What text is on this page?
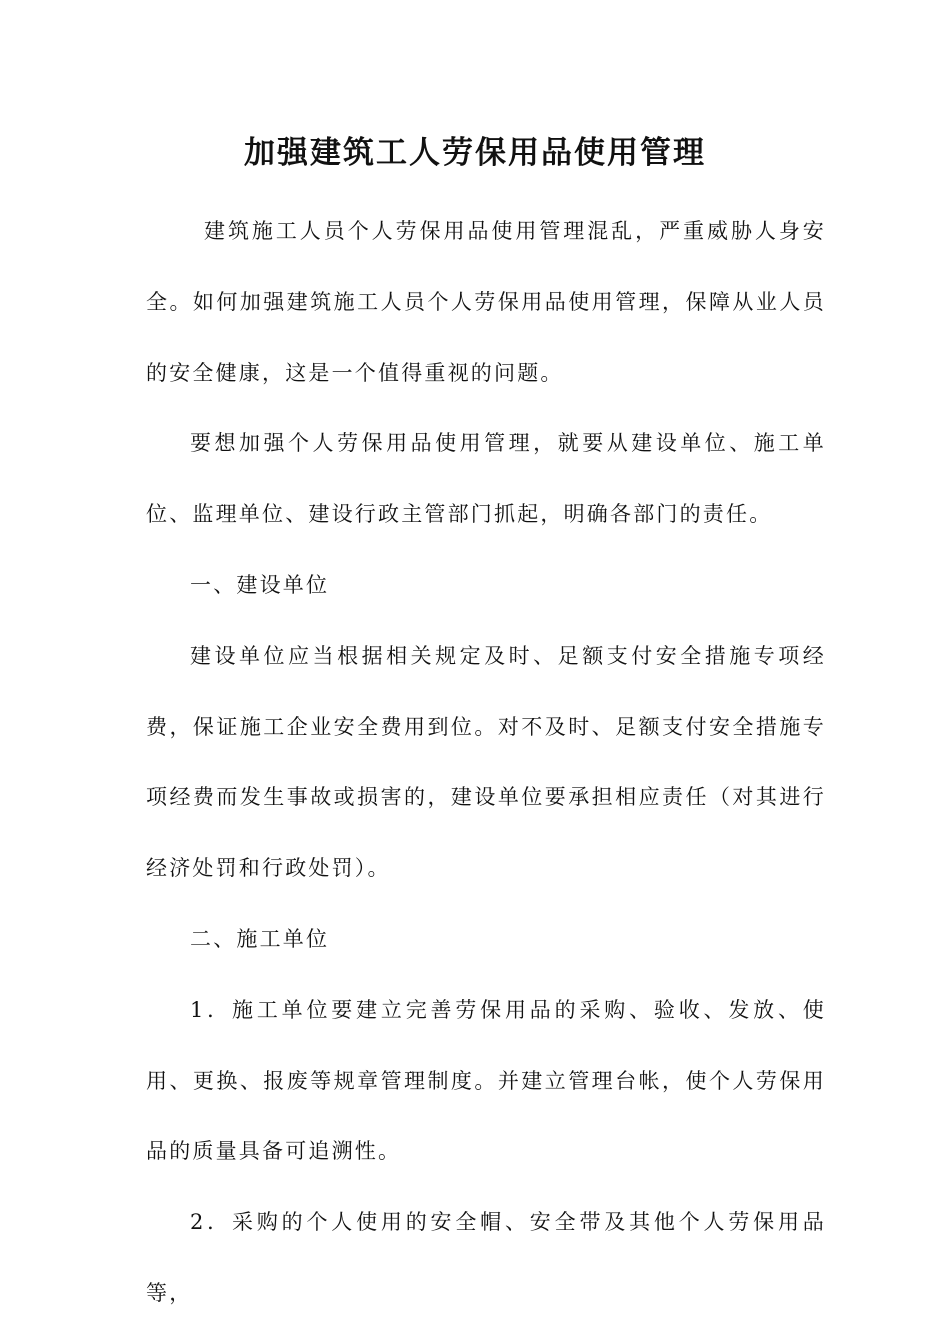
加强建筑工人劳保用品使用管理

建筑施工人员个人劳保用品使用管理混乱，严重威胁人身安全。如何加强建筑施工人员个人劳保用品使用管理，保障从业人员的安全健康，这是一个值得重视的问题。

要想加强个人劳保用品使用管理，就要从建设单位、施工单位、监理单位、建设行政主管部门抓起，明确各部门的责任。

一、建设单位

建设单位应当根据相关规定及时、足额支付安全措施专项经费，保证施工企业安全费用到位。对不及时、足额支付安全措施专项经费而发生事故或损害的，建设单位要承担相应责任（对其进行经济处罚和行政处罚）。

二、施工单位

1．施工单位要建立完善劳保用品的采购、验收、发放、使用、更换、报废等规章管理制度。并建立管理台帐，使个人劳保用品的质量具备可追溯性。

2．采购的个人使用的安全帽、安全带及其他个人劳保用品等，
